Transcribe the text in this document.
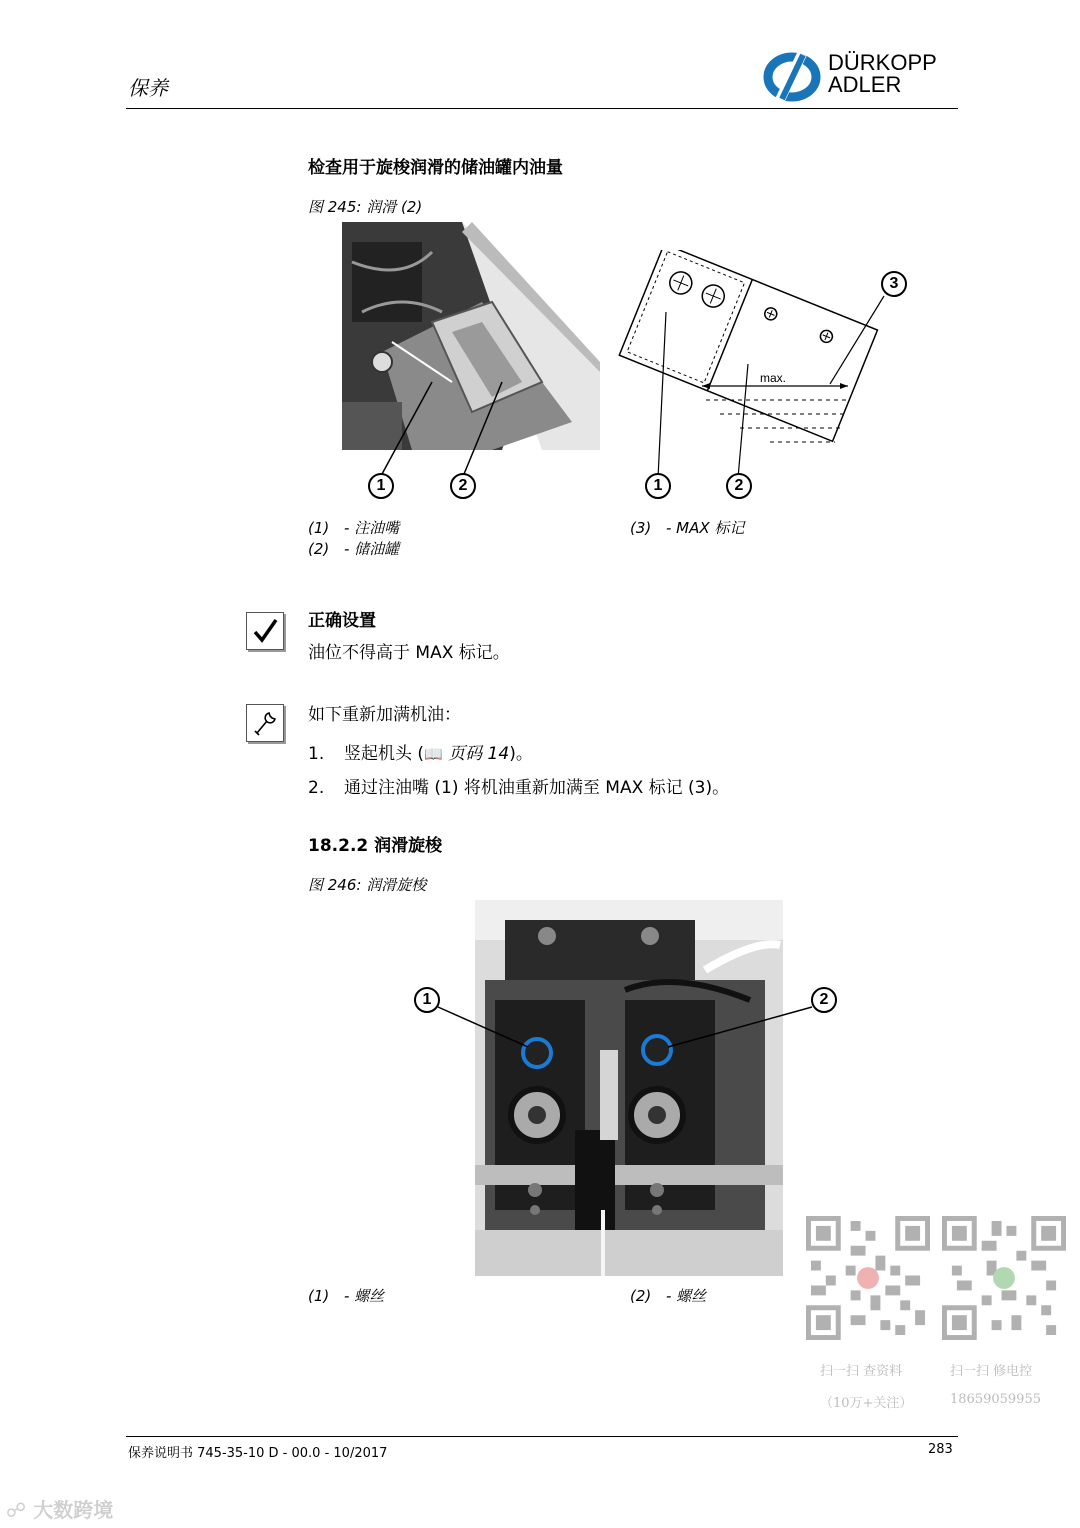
保养
DÜRKOPP
ADLER
检查用于旋梭润滑的储油罐内油量
图 245: 润滑 (2)
1	2
max.
1	2
3
(1) - 注油嘴
(2) - 储油罐
(3) - MAX 标记
正确设置
油位不得高于 MAX 标记。
如下重新加满机油：
1. 竖起机头 (📖 页码 14)。
2. 通过注油嘴 (1) 将机油重新加满至 MAX 标记 (3)。
18.2.2 润滑旋梭
图 246: 润滑旋梭
1	2
(1) - 螺丝	(2) - 螺丝
扫一扫 查资料
（10万+关注）
扫一扫 修电控
18659059955
保养说明书 745-35-10 D - 00.0 - 10/2017	283
☍ 大数跨境
